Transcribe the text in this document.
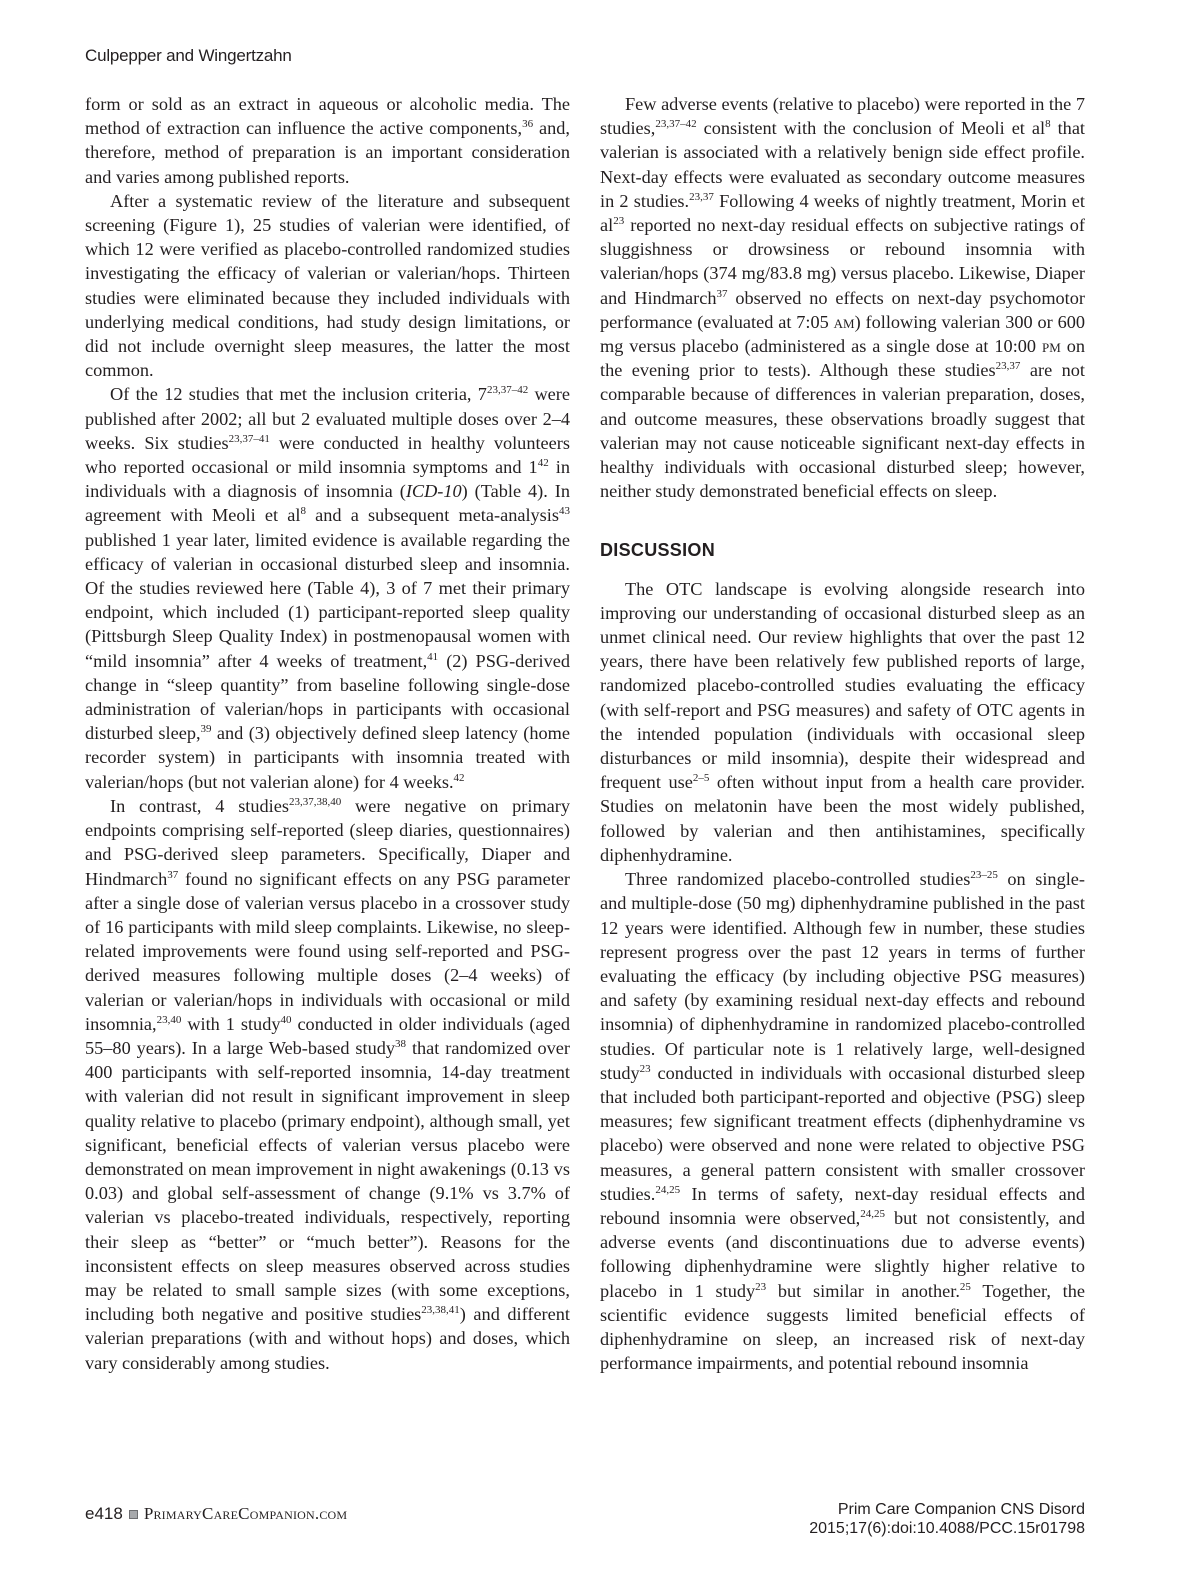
Culpepper and Wingertzahn

form or sold as an extract in aqueous or alcoholic media. The method of extraction can influence the active components,$^{36}$ and, therefore, method of preparation is an important consideration and varies among published reports.

After a systematic review of the literature and subsequent screening (Figure 1), 25 studies of valerian were identified, of which 12 were verified as placebo-controlled randomized studies investigating the efficacy of valerian or valerian/hops. Thirteen studies were eliminated because they included individuals with underlying medical conditions, had study design limitations, or did not include overnight sleep measures, the latter the most common.

Of the 12 studies that met the inclusion criteria, 7$^{23,37-42}$ were published after 2002; all but 2 evaluated multiple doses over 2–4 weeks. Six studies$^{23,37-41}$ were conducted in healthy volunteers who reported occasional or mild insomnia symptoms and $1^{42}$ in individuals with a diagnosis of insomnia (ICD-10) (Table 4). In agreement with Meoli et $al^8$ and a subsequent meta-analysis$^{43}$ published 1 year later, limited evidence is available regarding the efficacy of valerian in occasional disturbed sleep and insomnia. Of the studies reviewed here (Table 4), 3 of 7 met their primary endpoint, which included (1) participant-reported sleep quality (Pittsburgh Sleep Quality Index) in postmenopausal women with “mild insomnia” after 4 weeks of treatment,$^{41}$ (2) PSG-derived change in “sleep quantity” from baseline following single-dose administration of valerian/hops in participants with occasional disturbed sleep,$^{39}$ and (3) objectively defined sleep latency (home recorder system) in participants with insomnia treated with valerian/hops (but not valerian alone) for 4 weeks.$^{42}$

In contrast, 4 studies$^{23,37,38,40}$ were negative on primary endpoints comprising self-reported (sleep diaries, questionnaires) and PSG-derived sleep parameters. Specifically, Diaper and Hindmarch$^{37}$ found no significant effects on any PSG parameter after a single dose of valerian versus placebo in a crossover study of 16 participants with mild sleep complaints. Likewise, no sleep-related improvements were found using self-reported and PSG-derived measures following multiple doses (2–4 weeks) of valerian or valerian/hops in individuals with occasional or mild insomnia,$^{23,40}$ with 1 study$^{40}$ conducted in older individuals (aged 55–80 years). In a large Web-based study$^{38}$ that randomized over 400 participants with self-reported insomnia, 14-day treatment with valerian did not result in significant improvement in sleep quality relative to placebo (primary endpoint), although small, yet significant, beneficial effects of valerian versus placebo were demonstrated on mean improvement in night awakenings (0.13 vs 0.03) and global self-assessment of change (9.1% vs 3.7% of valerian vs placebo-treated individuals, respectively, reporting their sleep as “better” or “much better”). Reasons for the inconsistent effects on sleep measures observed across studies may be related to small sample sizes (with some exceptions, including both negative and positive studies$^{23,38,41}$) and different valerian preparations (with and without hops) and doses, which vary considerably among studies.

Few adverse events (relative to placebo) were reported in the 7 studies,$^{23,37-42}$ consistent with the conclusion of Meoli et $al^8$ that valerian is associated with a relatively benign side effect profile. Next-day effects were evaluated as secondary outcome measures in 2 studies.$^{23,37}$ Following 4 weeks of nightly treatment, Morin et $al^{23}$ reported no next-day residual effects on subjective ratings of sluggishness or drowsiness or rebound insomnia with valerian/hops (374 mg/83.8 mg) versus placebo. Likewise, Diaper and Hindmarch$^{37}$ observed no effects on next-day psychomotor performance (evaluated at 7:05 am) following valerian 300 or 600 mg versus placebo (administered as a single dose at 10:00 pm on the evening prior to tests). Although these studies$^{23,37}$ are not comparable because of differences in valerian preparation, doses, and outcome measures, these observations broadly suggest that valerian may not cause noticeable significant next-day effects in healthy individuals with occasional disturbed sleep; however, neither study demonstrated beneficial effects on sleep.

DISCUSSION

The OTC landscape is evolving alongside research into improving our understanding of occasional disturbed sleep as an unmet clinical need. Our review highlights that over the past 12 years, there have been relatively few published reports of large, randomized placebo-controlled studies evaluating the efficacy (with self-report and PSG measures) and safety of OTC agents in the intended population (individuals with occasional sleep disturbances or mild insomnia), despite their widespread and frequent use$^{2-5}$ often without input from a health care provider. Studies on melatonin have been the most widely published, followed by valerian and then antihistamines, specifically diphenhydramine.

Three randomized placebo-controlled studies$^{23-25}$ on single- and multiple-dose (50 mg) diphenhydramine published in the past 12 years were identified. Although few in number, these studies represent progress over the past 12 years in terms of further evaluating the efficacy (by including objective PSG measures) and safety (by examining residual next-day effects and rebound insomnia) of diphenhydramine in randomized placebo-controlled studies. Of particular note is 1 relatively large, well-designed study$^{23}$ conducted in individuals with occasional disturbed sleep that included both participant-reported and objective (PSG) sleep measures; few significant treatment effects (diphenhydramine vs placebo) were observed and none were related to objective PSG measures, a general pattern consistent with smaller crossover studies.$^{24,25}$ In terms of safety, next-day residual effects and rebound insomnia were observed,$^{24,25}$ but not consistently, and adverse events (and discontinuations due to adverse events) following diphenhydramine were slightly higher relative to placebo in 1 study$^{23}$ but similar in another.$^{25}$ Together, the scientific evidence suggests limited beneficial effects of diphenhydramine on sleep, an increased risk of next-day performance impairments, and potential rebound insomnia

e418 PrimaryCareCompanion.com	Prim Care Companion CNS Disord
2015;17(6):doi:10.4088/PCC.15r01798
